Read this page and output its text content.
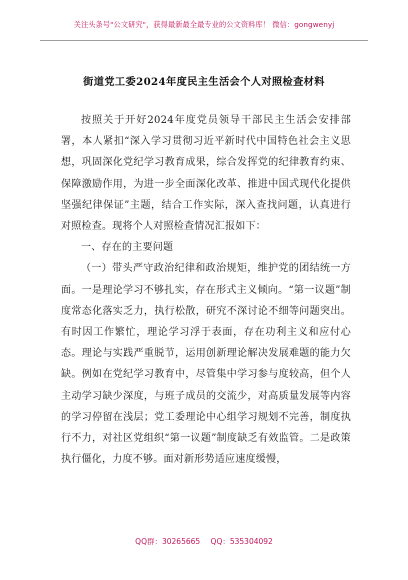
关注头条号"公文研究"，获得最新最全最专业的公文资料库！ 微信：gongwenyj
街道党工委2024年度民主生活会个人对照检查材料

按照关于开好2024年度党员领导干部民主生活会安排部署，本人紧扣“深入学习贯彻习近平新时代中国特色社会主义思想，巩固深化党纪学习教育成果，综合发挥党的纪律教育约束、保障激励作用，为进一步全面深化改革、推进中国式现代化提供坚强纪律保证”主题，结合工作实际，深入查找问题，认真进行对照检查。现将个人对照检查情况汇报如下：

一、存在的主要问题

（一）带头严守政治纪律和政治规矩，维护党的团结统一方面。一是理论学习不够扎实，存在形式主义倾向。“第一议题”制度常态化落实乏力，执行松散，研究不深讨论不细等问题突出。有时因工作繁忙，理论学习浮于表面，存在功利主义和应付心态。理论与实践严重脱节，运用创新理论解决发展难题的能力欠缺。例如在党纪学习教育中，尽管集中学习参与度较高，但个人主动学习缺少深度，与班子成员的交流少，对高质量发展等内容的学习停留在浅层；党工委理论中心组学习规划不完善，制度执行不力，对社区党组织“第一议题”制度缺乏有效监管。二是政策执行僵化，力度不够。面对新形势适应速度缓慢，

QQ群：30265665 QQ：535304092
